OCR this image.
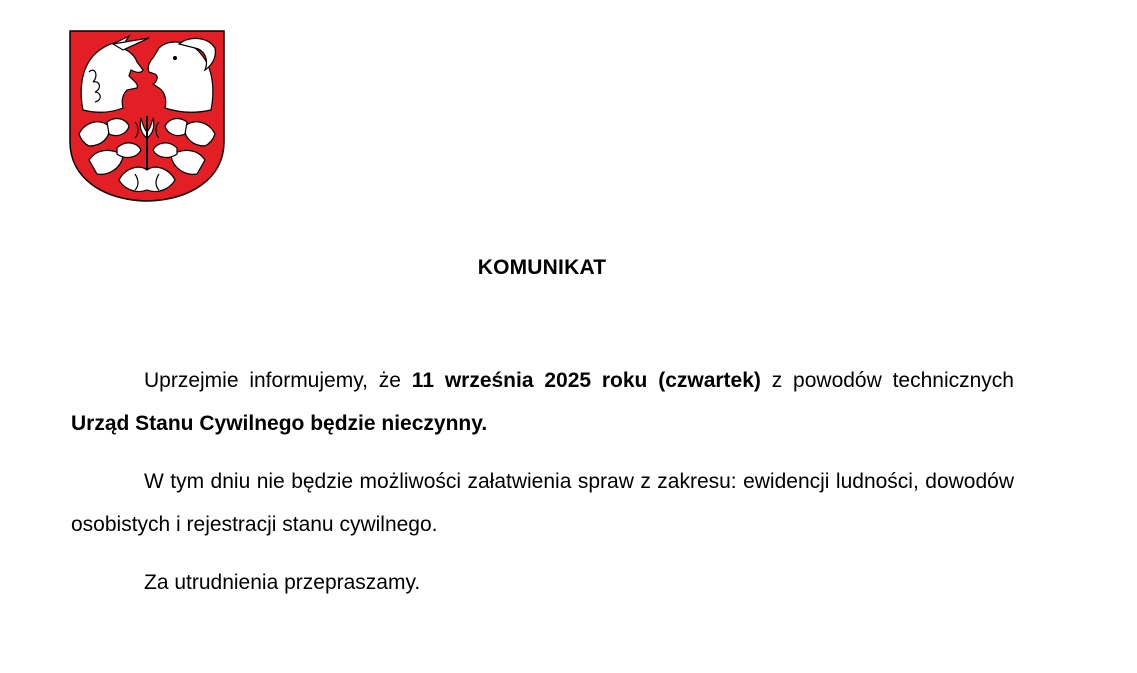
KOMUNIKAT

Uprzejmie informujemy, że 11 września 2025 roku (czwartek) z powodów technicznych Urząd Stanu Cywilnego będzie nieczynny.

W tym dniu nie będzie możliwości załatwienia spraw z zakresu: ewidencji ludności, dowodów osobistych i rejestracji stanu cywilnego.

Za utrudnienia przepraszamy.
